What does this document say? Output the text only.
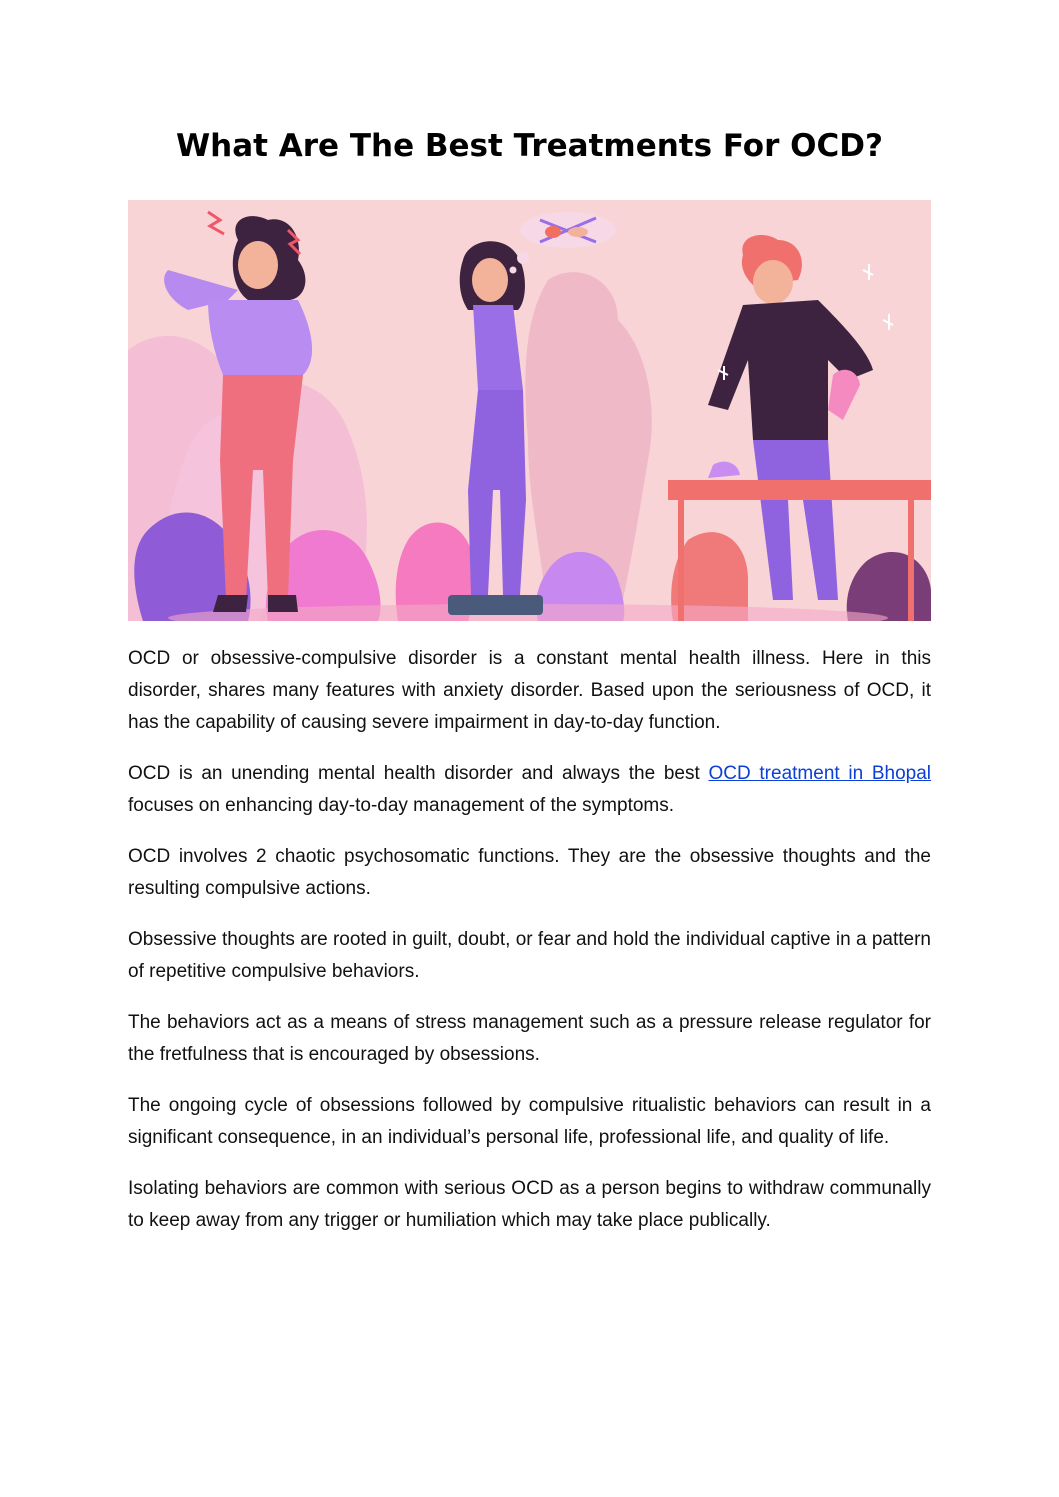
What Are The Best Treatments For OCD?

OCD or obsessive-compulsive disorder is a constant mental health illness. Here in this disorder, shares many features with anxiety disorder. Based upon the seriousness of OCD, it has the capability of causing severe impairment in day-to-day function.

OCD is an unending mental health disorder and always the best OCD treatment in Bhopal focuses on enhancing day-to-day management of the symptoms.

OCD involves 2 chaotic psychosomatic functions. They are the obsessive thoughts and the resulting compulsive actions.

Obsessive thoughts are rooted in guilt, doubt, or fear and hold the individual captive in a pattern of repetitive compulsive behaviors.

The behaviors act as a means of stress management such as a pressure release regulator for the fretfulness that is encouraged by obsessions.

The ongoing cycle of obsessions followed by compulsive ritualistic behaviors can result in a significant consequence, in an individual’s personal life, professional life, and quality of life.

Isolating behaviors are common with serious OCD as a person begins to withdraw communally to keep away from any trigger or humiliation which may take place publically.
